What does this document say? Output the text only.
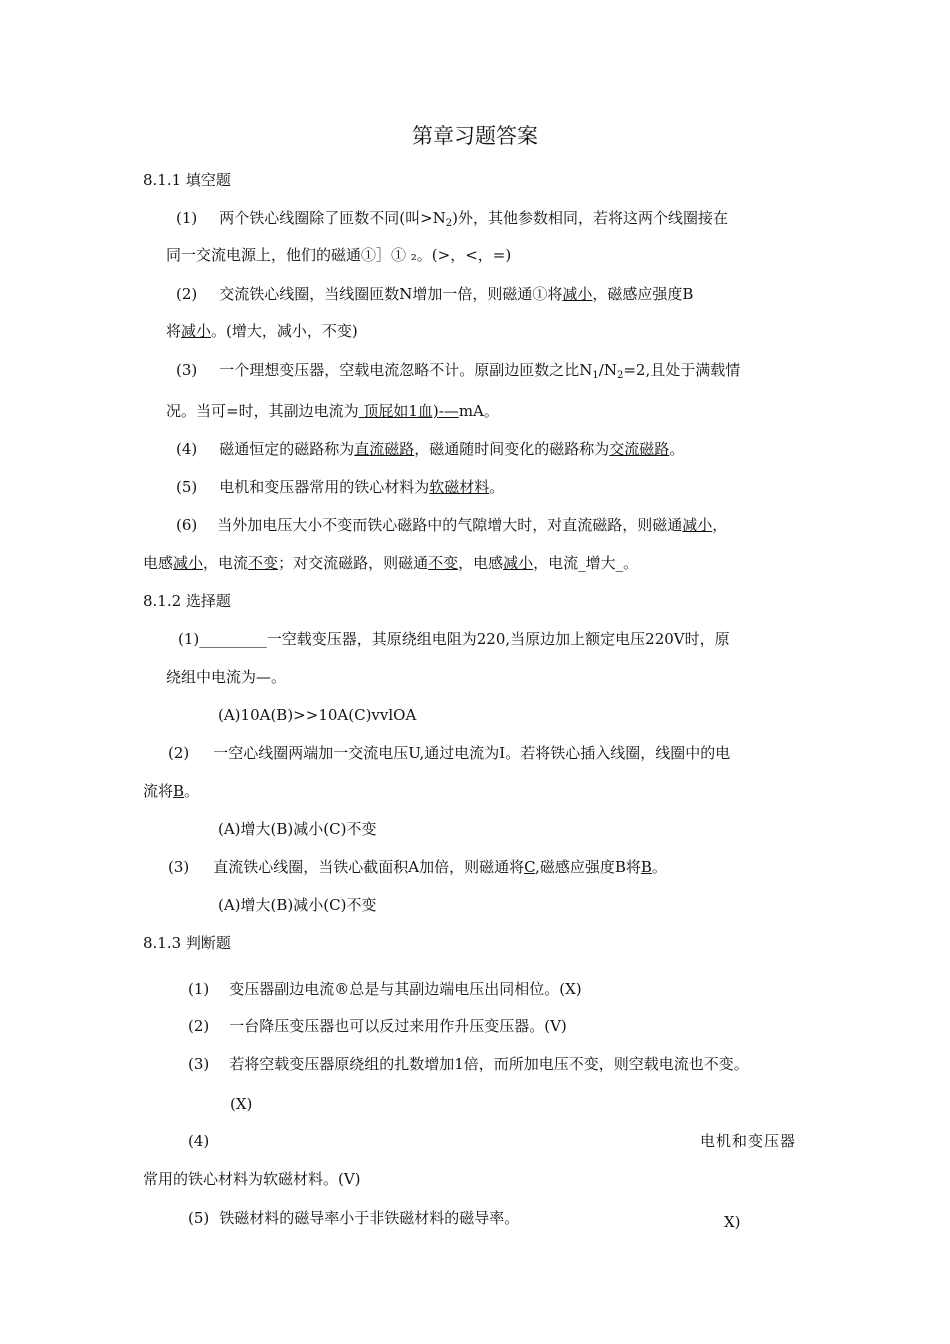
第章习题答案
8.1.1 填空题
(1) 两个铁心线圈除了匝数不同(叫$>N_2$)外，其他参数相同，若将这两个线圈接在
同一交流电源上，他们的磁通①］① ₂。(>，<，=)
(2) 交流铁心线圈，当线圈匝数N增加一倍，则磁通①将减小，磁感应强度B
将减小。(增大，减小，不变)
(3) 一个理想变压器，空载电流忽略不计。原副边匝数之比$N_1/N_2=2$,且处于满载情
况。当可=时，其副边电流为 顶屁如1血)-—mA。
(4) 磁通恒定的磁路称为直流磁路，磁通随时间变化的磁路称为交流磁路。
(5) 电机和变压器常用的铁心材料为软磁材料。
(6) 当外加电压大小不变而铁心磁路中的气隙增大时，对直流磁路，则磁通减小，
电感减小，电流不变；对交流磁路，则磁通不变，电感减小，电流_增大_。
8.1.2 选择题
(1)_________一空载变压器，其原绕组电阻为220,当原边加上额定电压220V时，原
绕组中电流为—。
(A)10A(B)>>10A(C)vvlOA
(2) 一空心线圈两端加一交流电压U,通过电流为I。若将铁心插入线圈，线圈中的电
流将B。
(A)增大(B)减小(C)不变
(3) 直流铁心线圈，当铁心截面积A加倍，则磁通将C,磁感应强度B将B。
(A)增大(B)减小(C)不变
8.1.3 判断题
(1) 变压器副边电流®总是与其副边端电压出同相位。(X)
(2) 一台降压变压器也可以反过来用作升压变压器。(V)
(3) 若将空载变压器原绕组的扎数增加1倍，而所加电压不变，则空载电流也不变。
(X)
(4)	电机和变压器
常用的铁心材料为软磁材料。(V)
(5) 铁磁材料的磁导率小于非铁磁材料的磁导率。	X)
